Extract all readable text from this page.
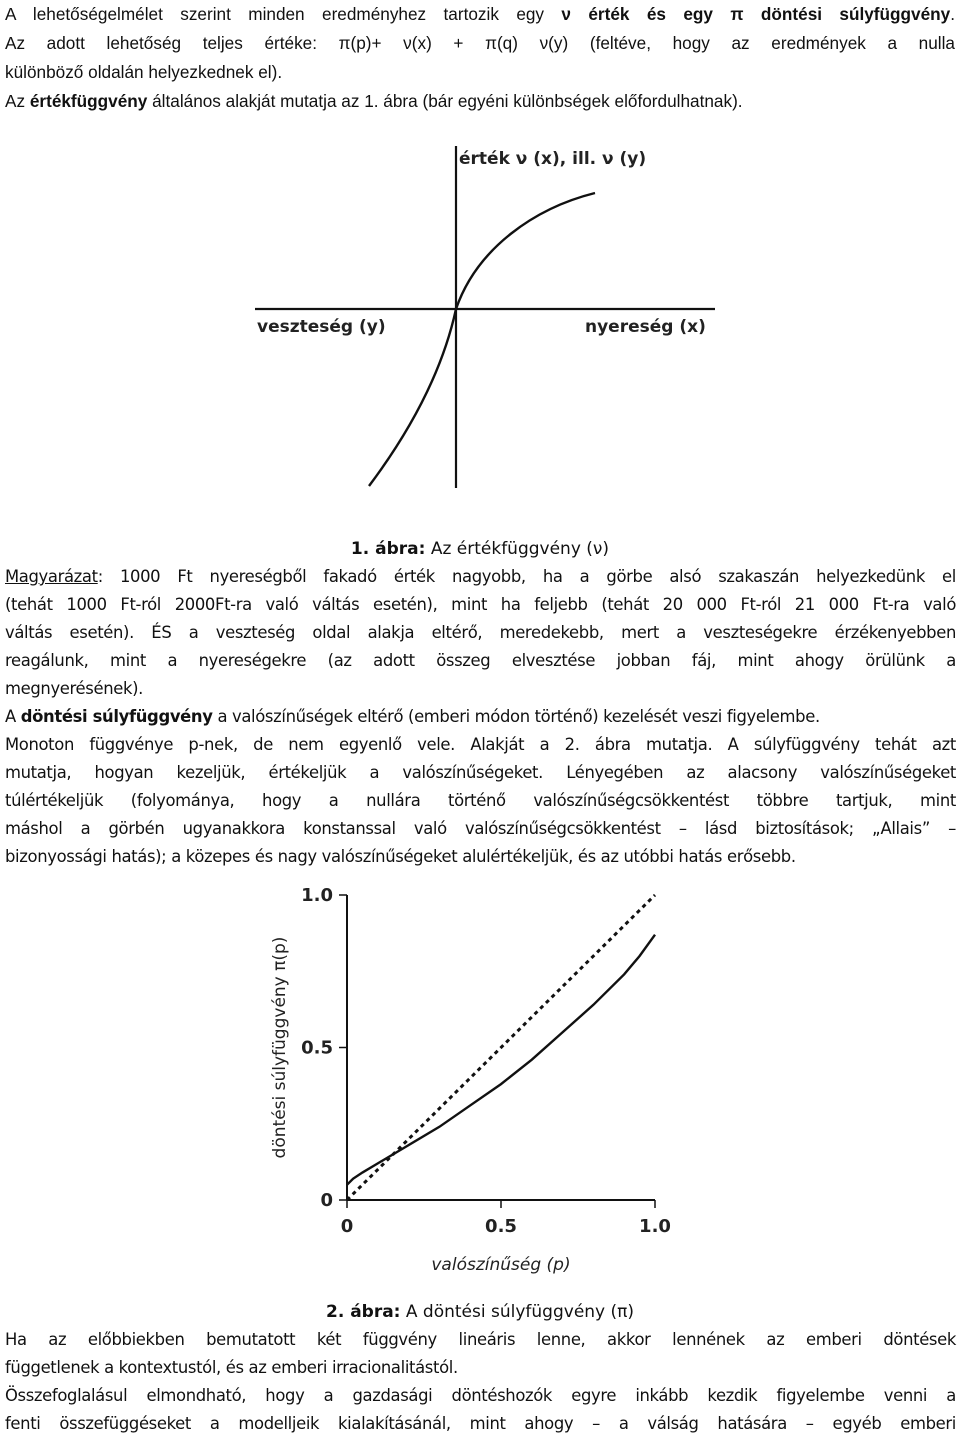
A lehetőségelmélet szerint minden eredményhez tartozik egy ν érték és egy π döntési súlyfüggvény.
Az adott lehetőség teljes értéke: π(p)+ ν(x) + π(q) ν(y) (feltéve, hogy az eredmények a nulla
különböző oldalán helyezkednek el).
Az értékfüggvény általános alakját mutatja az 1. ábra (bár egyéni különbségek előfordulhatnak).
érték ν (x), ill. ν (y)
veszteség (y)	nyereség (x)
1. ábra: Az értékfüggvény (ν)
Magyarázat: 1000 Ft nyereségből fakadó érték nagyobb, ha a görbe alsó szakaszán helyezkedünk el
(tehát 1000 Ft-ról 2000Ft-ra való váltás esetén), mint ha feljebb (tehát 20 000 Ft-ról 21 000 Ft-ra való
váltás esetén). ÉS a veszteség oldal alakja eltérő, meredekebb, mert a veszteségekre érzékenyebben
reagálunk, mint a nyereségekre (az adott összeg elvesztése jobban fáj, mint ahogy örülünk a
megnyerésének).
A döntési súlyfüggvény a valószínűségek eltérő (emberi módon történő) kezelését veszi figyelembe.
Monoton függvénye p-nek, de nem egyenlő vele. Alakját a 2. ábra mutatja. A súlyfüggvény tehát azt
mutatja, hogyan kezeljük, értékeljük a valószínűségeket. Lényegében az alacsony valószínűségeket
túlértékeljük (folyománya, hogy a nullára történő valószínűségcsökkentést többre tartjuk, mint
máshol a görbén ugyanakkora konstanssal való valószínűségcsökkentést – lásd biztosítások; „Allais” –
bizonyossági hatás); a közepes és nagy valószínűségeket alulértékeljük, és az utóbbi hatás erősebb.
0
0
0.5
0.5
1.0
1.0
valószínűség (p)
döntési súlyfüggvény π(p)
2. ábra: A döntési súlyfüggvény (π)
Ha az előbbiekben bemutatott két függvény lineáris lenne, akkor lennének az emberi döntések
függetlenek a kontextustól, és az emberi irracionalitástól.
Összefoglalásul elmondható, hogy a gazdasági döntéshozók egyre inkább kezdik figyelembe venni a
fenti összefüggéseket a modelljeik kialakításánál, mint ahogy – a válság hatására – egyéb emberi
